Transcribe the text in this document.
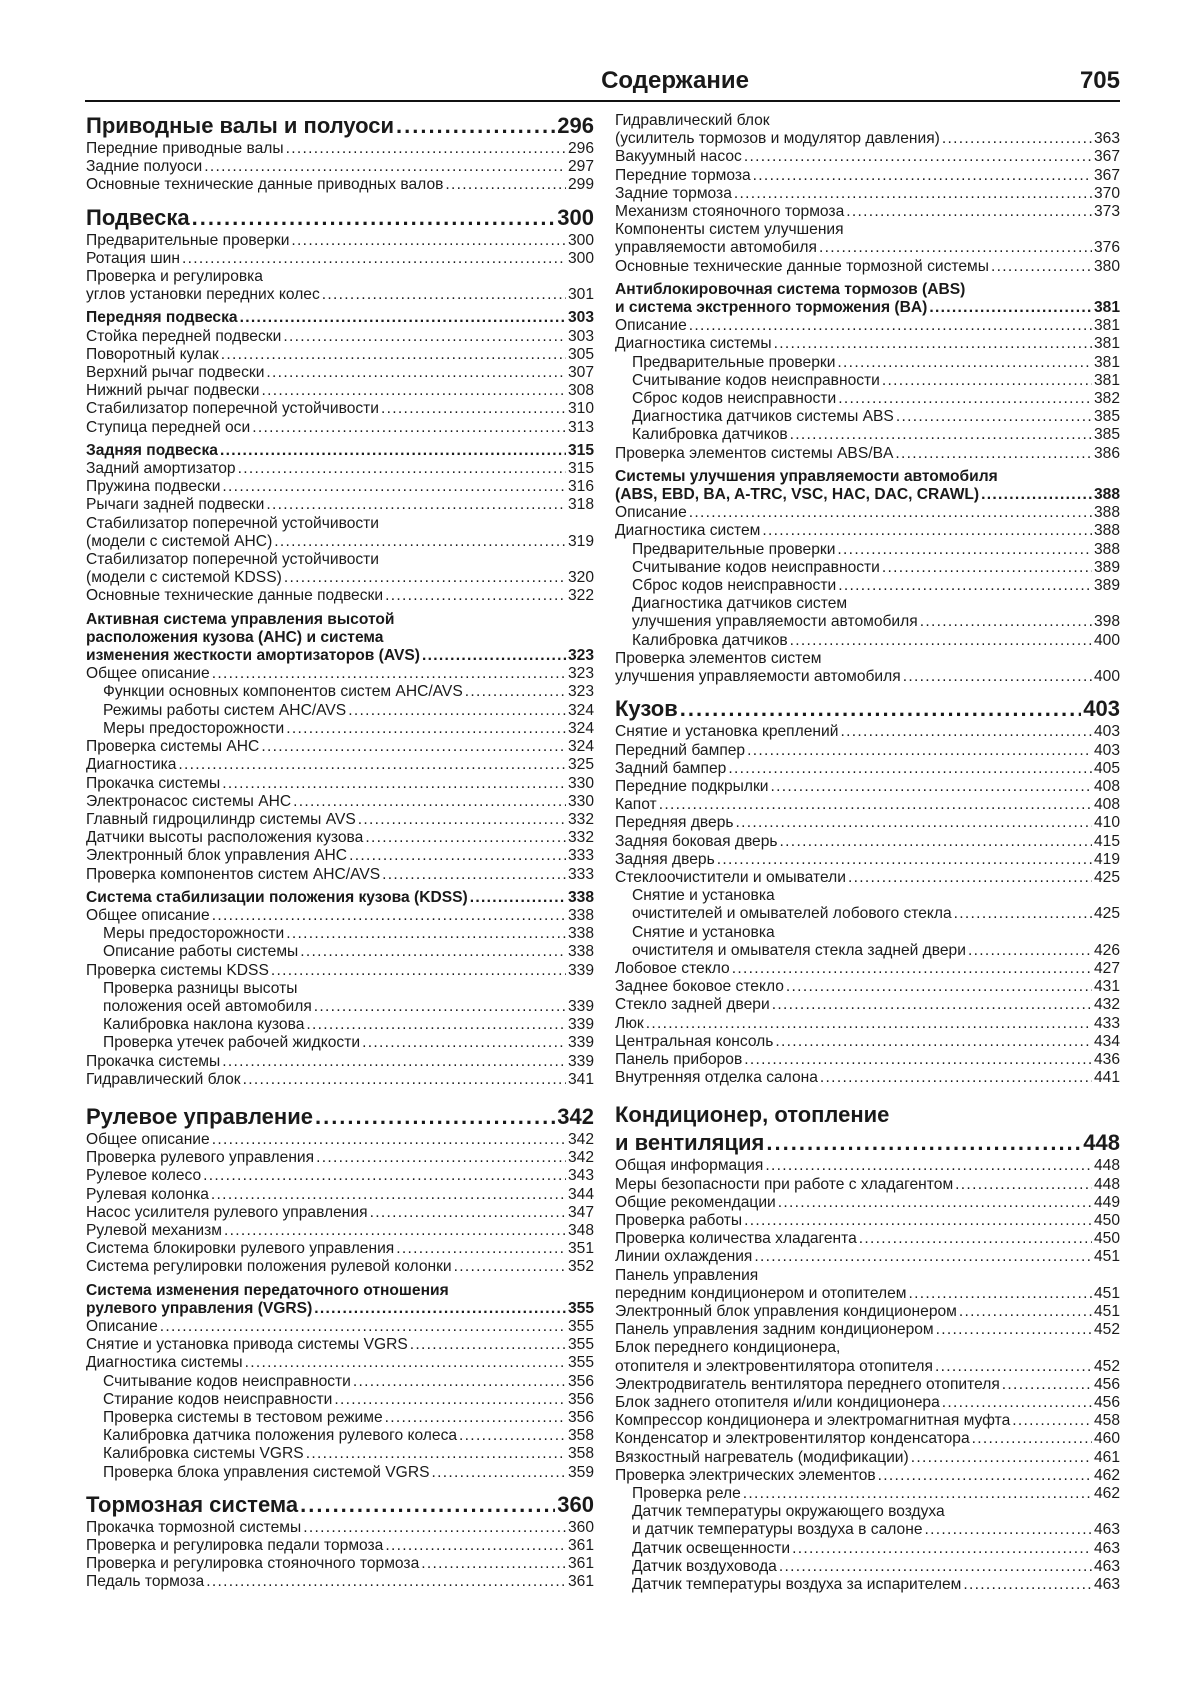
Содержание	705
Приводные валы и полуоси .....	296
Передние приводные валы .....	296
Задние полуоси .....	297
Основные технические данные приводных валов .....	299
Подвеска .....	300
Предварительные проверки .....	300
Ротация шин .....	300
Проверка и регулировка
углов установки передних колес .....	301
Передняя подвеска .....	303
Стойка передней подвески .....	303
Поворотный кулак .....	305
Верхний рычаг подвески .....	307
Нижний рычаг подвески .....	308
Стабилизатор поперечной устойчивости .....	310
Ступица передней оси .....	313
Задняя подвеска .....	315
Задний амортизатор .....	315
Пружина подвески .....	316
Рычаги задней подвески .....	318
Стабилизатор поперечной устойчивости
(модели с системой AHC) .....	319
Стабилизатор поперечной устойчивости
(модели с системой KDSS) .....	320
Основные технические данные подвески .....	322
Активная система управления высотой
расположения кузова (AHC) и система
изменения жесткости амортизаторов (AVS) .....	323
Общее описание .....	323
Функции основных компонентов систем AHC/AVS .....	323
Режимы работы систем AHC/AVS .....	324
Меры предосторожности .....	324
Проверка системы AHC .....	324
Диагностика .....	325
Прокачка системы .....	330
Электронасос системы AHC .....	330
Главный гидроцилиндр системы AVS .....	332
Датчики высоты расположения кузова .....	332
Электронный блок управления AHC .....	333
Проверка компонентов систем AHC/AVS .....	333
Система стабилизации положения кузова (KDSS) .....	338
Общее описание .....	338
Меры предосторожности .....	338
Описание работы системы .....	338
Проверка системы KDSS .....	339
Проверка разницы высоты
положения осей автомобиля .....	339
Калибровка наклона кузова .....	339
Проверка утечек рабочей жидкости .....	339
Прокачка системы .....	339
Гидравлический блок .....	341
Рулевое управление .....	342
Общее описание .....	342
Проверка рулевого управления .....	342
Рулевое колесо .....	343
Рулевая колонка .....	344
Насос усилителя рулевого управления .....	347
Рулевой механизм .....	348
Система блокировки рулевого управления .....	351
Система регулировки положения рулевой колонки .....	352
Система изменения передаточного отношения
рулевого управления (VGRS) .....	355
Описание .....	355
Снятие и установка привода системы VGRS .....	355
Диагностика системы .....	355
Считывание кодов неисправности .....	356
Стирание кодов неисправности .....	356
Проверка системы в тестовом режиме .....	356
Калибровка датчика положения рулевого колеса .....	358
Калибровка системы VGRS .....	358
Проверка блока управления системой VGRS .....	359
Тормозная система .....	360
Прокачка тормозной системы .....	360
Проверка и регулировка педали тормоза .....	361
Проверка и регулировка стояночного тормоза .....	361
Педаль тормоза .....	361
Гидравлический блок
(усилитель тормозов и модулятор давления) .....	363
Вакуумный насос .....	367
Передние тормоза .....	367
Задние тормоза .....	370
Механизм стояночного тормоза .....	373
Компоненты систем улучшения
управляемости автомобиля .....	376
Основные технические данные тормозной системы .....	380
Антиблокировочная система тормозов (ABS)
и система экстренного торможения (BA) .....	381
Описание .....	381
Диагностика системы .....	381
Предварительные проверки .....	381
Считывание кодов неисправности .....	381
Сброс кодов неисправности .....	382
Диагностика датчиков системы ABS .....	385
Калибровка датчиков .....	385
Проверка элементов системы ABS/BA .....	386
Системы улучшения управляемости автомобиля
(ABS, EBD, BA, A-TRC, VSC, HAC, DAC, CRAWL) .....	388
Описание .....	388
Диагностика систем .....	388
Предварительные проверки .....	388
Считывание кодов неисправности .....	389
Сброс кодов неисправности .....	389
Диагностика датчиков систем
улучшения управляемости автомобиля .....	398
Калибровка датчиков .....	400
Проверка элементов систем
улучшения управляемости автомобиля .....	400
Кузов .....	403
Снятие и установка креплений .....	403
Передний бампер .....	403
Задний бампер .....	405
Передние подкрылки .....	408
Капот .....	408
Передняя дверь .....	410
Задняя боковая дверь .....	415
Задняя дверь .....	419
Стеклоочистители и омыватели .....	425
Снятие и установка
очистителей и омывателей лобового стекла .....	425
Снятие и установка
очистителя и омывателя стекла задней двери .....	426
Лобовое стекло .....	427
Заднее боковое стекло .....	431
Стекло задней двери .....	432
Люк .....	433
Центральная консоль .....	434
Панель приборов .....	436
Внутренняя отделка салона .....	441
Кондиционер, отопление
и вентиляция .....	448
Общая информация .....	448
Меры безопасности при работе с хладагентом .....	448
Общие рекомендации .....	449
Проверка работы .....	450
Проверка количества хладагента .....	450
Линии охлаждения .....	451
Панель управления
передним кондиционером и отопителем .....	451
Электронный блок управления кондиционером .....	451
Панель управления задним кондиционером .....	452
Блок переднего кондиционера,
отопителя и электровентилятора отопителя .....	452
Электродвигатель вентилятора переднего отопителя .....	456
Блок заднего отопителя и/или кондиционера .....	456
Компрессор кондиционера и электромагнитная муфта .....	458
Конденсатор и электровентилятор конденсатора .....	460
Вязкостный нагреватель (модификации) .....	461
Проверка электрических элементов .....	462
Проверка реле .....	462
Датчик температуры окружающего воздуха
и датчик температуры воздуха в салоне .....	463
Датчик освещенности .....	463
Датчик воздуховода .....	463
Датчик температуры воздуха за испарителем .....	463
